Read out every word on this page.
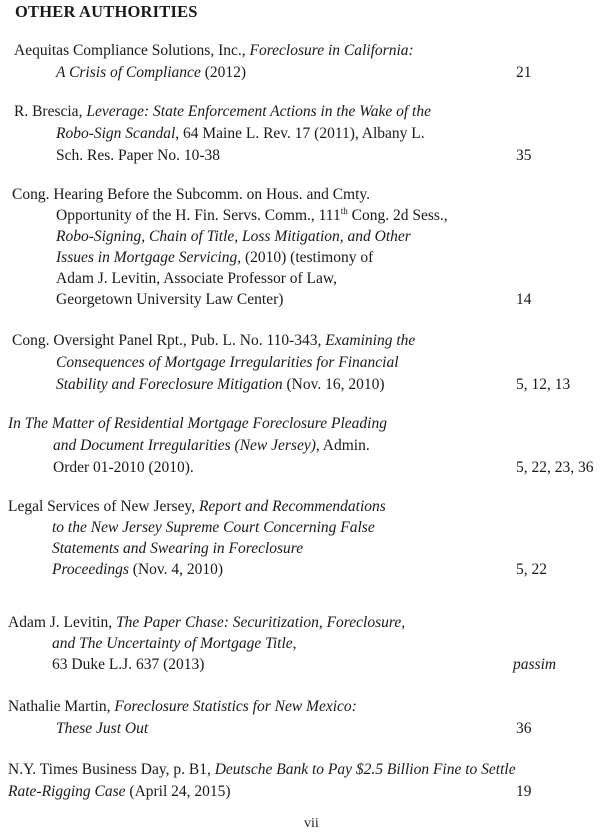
OTHER AUTHORITIES
Aequitas Compliance Solutions, Inc., Foreclosure in California:
A Crisis of Compliance (2012)	21
R. Brescia, Leverage: State Enforcement Actions in the Wake of the
Robo-Sign Scandal, 64 Maine L. Rev. 17 (2011), Albany L.
Sch. Res. Paper No. 10-38	35
Cong. Hearing Before the Subcomm. on Hous. and Cmty.
Opportunity of the H. Fin. Servs. Comm., 111th Cong. 2d Sess.,
Robo-Signing, Chain of Title, Loss Mitigation, and Other
Issues in Mortgage Servicing, (2010) (testimony of
Adam J. Levitin, Associate Professor of Law,
Georgetown University Law Center)	14
Cong. Oversight Panel Rpt., Pub. L. No. 110-343, Examining the
Consequences of Mortgage Irregularities for Financial
Stability and Foreclosure Mitigation (Nov. 16, 2010)	5, 12, 13
In The Matter of Residential Mortgage Foreclosure Pleading
and Document Irregularities (New Jersey), Admin.
Order 01-2010 (2010).	5, 22, 23, 36
Legal Services of New Jersey, Report and Recommendations
to the New Jersey Supreme Court Concerning False
Statements and Swearing in Foreclosure
Proceedings (Nov. 4, 2010)	5, 22
Adam J. Levitin, The Paper Chase: Securitization, Foreclosure,
and The Uncertainty of Mortgage Title,
63 Duke L.J. 637 (2013)	passim
Nathalie Martin, Foreclosure Statistics for New Mexico:
These Just Out	36
N.Y. Times Business Day, p. B1, Deutsche Bank to Pay $2.5 Billion Fine to Settle
Rate-Rigging Case (April 24, 2015)	19
vii
